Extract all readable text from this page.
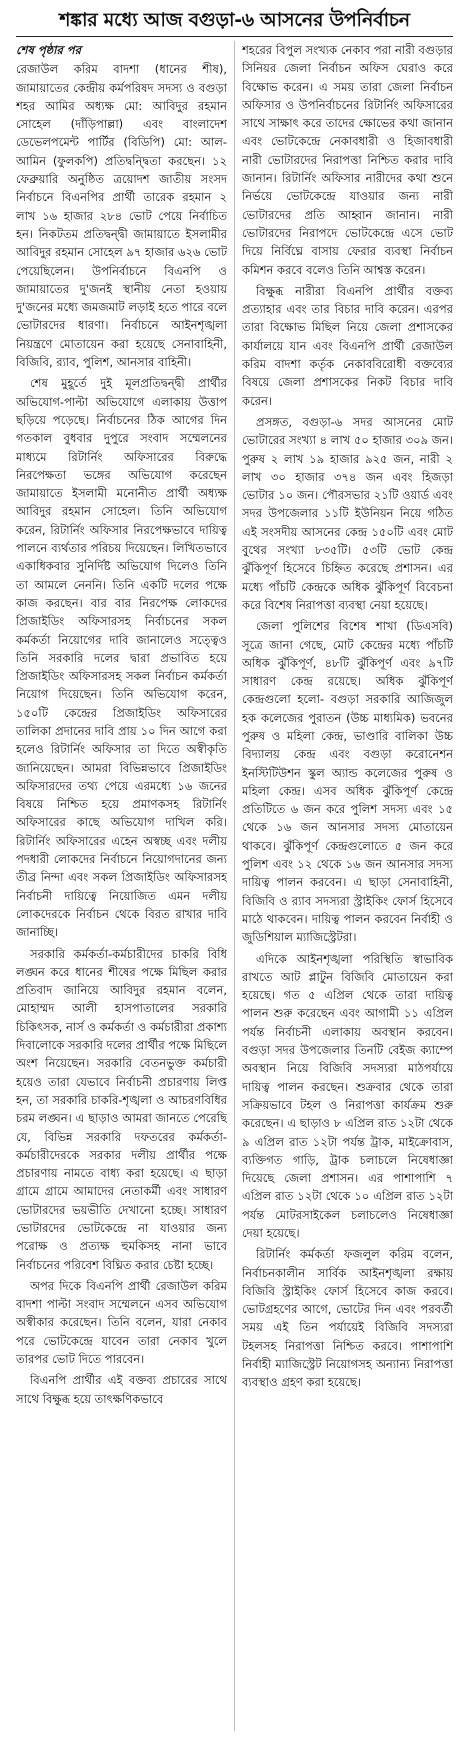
শঙ্কার মধ্যে আজ বগুড়া-৬ আসনের উপনির্বাচন
শেষ পৃষ্ঠার পর

রেজাউল করিম বাদশা (ধানের শীষ), জামায়াতের কেন্দ্রীয় কর্মপরিষদ সদস্য ও বগুড়া শহর আমির অধ্যক্ষ মো: আবিদুর রহমান সোহেল (দাঁড়িপাল্লা) এবং বাংলাদেশ ডেভেলপমেন্ট পার্টির (বিডিপি) মো: আল-আমিন (ফুলকপি) প্রতিদ্বন্দ্বিতা করছেন। ১২ ফেব্রুয়ারি অনুষ্ঠিত ত্রয়োদশ জাতীয় সংসদ নির্বাচনে বিএনপির প্রার্থী তারেক রহমান ২ লাখ ১৬ হাজার ২৮৪ ভোট পেয়ে নির্বাচিত হন। নিকটতম প্রতিদ্বন্দ্বী জামায়াতে ইসলামীর আবিদুর রহমান সোহেল ৯৭ হাজার ৬২৬ ভোট পেয়েছিলেন। উপনির্বাচনে বিএনপি ও জামায়াতের দু'জনই স্থানীয় নেতা হওয়ায় দু'জনের মধ্যে জমজমাট লড়াই হতে পারে বলে ভোটারদের ধারণা। নির্বাচনে আইনশৃঙ্খলা নিয়ন্ত্রণে মোতায়েন করা হয়েছে সেনাবাহিনী, বিজিবি, র‍্যাব, পুলিশ, আনসার বাহিনী।

শেষ মুহূর্তে দুই মূলপ্রতিদ্বন্দ্বী প্রার্থীর অভিযোগ-পাল্টা অভিযোগে এলাকায় উত্তাপ ছড়িয়ে পড়েছে। নির্বাচনের ঠিক আগের দিন গতকাল বুধবার দুপুরে সংবাদ সম্মেলনের মাধ্যমে রিটার্নিং অফিসারের বিরুদ্ধে নিরপেক্ষতা ভঙ্গের অভিযোগ করেছেন জামায়াতে ইসলামী মনোনীত প্রার্থী অধ্যক্ষ আবিদুর রহমান সোহেল। তিনি অভিযোগ করেন, রিটার্নিং অফিসার নিরপেক্ষভাবে দায়িত্ব পালনে ব্যর্থতার পরিচয় দিয়েছেন। লিখিতভাবে একাধিকবার সুনির্দিষ্ট অভিযোগ দিলেও তিনি তা আমলে নেননি। তিনি একটি দলের পক্ষে কাজ করছেন। বার বার নিরপেক্ষ লোকদের প্রিজাইডিং অফিসারসহ নির্বাচনের সকল কর্মকর্তা নিয়োগের দাবি জানালেও সত্ত্বেও তিনি সরকারি দলের দ্বারা প্রভাবিত হয়ে প্রিজাইডিং অফিসারসহ সকল নির্বাচন কর্মকর্তা নিয়োগ দিয়েছেন। তিনি অভিযোগ করেন, ১৫০টি কেন্দ্রের প্রিজাইডিং অফিসারের তালিকা প্রদানের দাবি প্রায় ১০ দিন আগে করা হলেও রিটার্নিং অফিসার তা দিতে অস্বীকৃতি জানিয়েছেন। আমরা বিভিন্নভাবে প্রিজাইডিং অফিসারদের তথ্য পেয়ে এরমধ্যে ১৬ জনের বিষয়ে নিশ্চিত হয়ে প্রমাণকসহ রিটার্নিং অফিসারের কাছে অভিযোগ দাখিল করি। রিটার্নিং অফিসারের এহেন অস্বচ্ছ এবং দলীয় পদধারী লোকদের নির্বাচনে নিয়োগদানের জন্য তীব্র নিন্দা এবং সকল প্রিজাইডিং অফিসারসহ নির্বাচনী দায়িত্বে নিয়োজিত এমন দলীয় লোকদেরকে নির্বাচন থেকে বিরত রাখার দাবি জানাচ্ছি।

সরকারি কর্মকর্তা-কর্মচারীদের চাকরি বিধি লঙ্ঘন করে ধানের শীষের পক্ষে মিছিল করার প্রতিবাদ জানিয়ে আবিদুর রহমান বলেন, মোহাম্মদ আলী হাসপাতালের সরকারি চিকিৎসক, নার্স ও কর্মকর্তা ও কর্মচারীরা প্রকাশ্য দিবালোকে সরকারি দলের প্রার্থীর পক্ষে মিছিলে অংশ নিয়েছেন। সরকারি বেতনভুক্ত কর্মচারী হয়েও তারা যেভাবে নির্বাচনী প্রচারণায় লিপ্ত হন, তা সরকারি চাকরি-শৃঙ্খলা ও আচরণবিধির চরম লঙ্ঘন। এ ছাড়াও আমরা জানতে পেরেছি যে, বিভিন্ন সরকারি দফতরের কর্মকর্তা-কর্মচারীদেরকে সরকার দলীয় প্রার্থীর পক্ষে প্রচারণায় নামতে বাধ্য করা হয়েছে। এ ছাড়া গ্রামে গ্রামে আমাদের নেতাকর্মী এবং সাধারণ ভোটারদের ভয়ভীতি দেখানো হচ্ছে। সাধারণ ভোটারদের ভোটকেন্দ্রে না যাওয়ার জন্য পরোক্ষ ও প্রত্যক্ষ হুমকিসহ নানা ভাবে নির্বাচনের পরিবেশ বিঘ্নিত করার চেষ্টা হচ্ছে।

অপর দিকে বিএনপি প্রার্থী রেজাউল করিম বাদশা পাল্টা সংবাদ সম্মেলনে এসব অভিযোগ অস্বীকার করেছেন। তিনি বলেন, যারা নেকাব পরে ভোটকেন্দ্রে যাবেন তারা নেকাব খুলে তারপর ভোট দিতে পারবেন।

বিএনপি প্রার্থীর এই বক্তব্য প্রচারের সাথে সাথে বিক্ষুব্ধ হয়ে তাৎক্ষণিকভাবে

শহরের বিপুল সংখ্যক নেকাব পরা নারী বগুড়ার সিনিয়র জেলা নির্বাচন অফিস ঘেরাও করে বিক্ষোভ করেন। এ সময় তারা জেলা নির্বাচন অফিসার ও উপনির্বাচনের রিটার্নিং অফিসারের সাথে সাক্ষাৎ করে তাদের ক্ষোভের কথা জানান এবং ভোটকেন্দ্রে নেকাবধারী ও হিজাবধারী নারী ভোটারদের নিরাপত্তা নিশ্চিত করার দাবি জানান। রিটার্নিং অফিসার নারীদের কথা শুনে নির্ভয়ে ভোটকেন্দ্রে যাওয়ার জন্য নারী ভোটারদের প্রতি আহ্বান জানান। নারী ভোটারদের নিরাপদে ভোটকেন্দ্রে এসে ভোট দিয়ে নির্বিঘ্নে বাসায় ফেরার ব্যবস্থা নির্বাচন কমিশন করবে বলেও তিনি আশ্বস্ত করেন।

বিক্ষুব্ধ নারীরা বিএনপি প্রার্থীর বক্তব্য প্রত্যাহার এবং তার বিচার দাবি করেন। এরপর তারা বিক্ষোভ মিছিল নিয়ে জেলা প্রশাসকের কার্যালয়ে যান এবং বিএনপি প্রার্থী রেজাউল করিম বাদশা কর্তৃক নেকাববিরোধী বক্তব্যের বিষয়ে জেলা প্রশাসকের নিকট বিচার দাবি করেন।

প্রসঙ্গত, বগুড়া-৬ সদর আসনের মোট ভোটারের সংখ্যা ৪ লাখ ৫০ হাজার ৩০৯ জন। পুরুষ ২ লাখ ১৯ হাজার ৯২৫ জন, নারী ২ লাখ ৩০ হাজার ৩৭৪ জন এবং হিজড়া ভোটার ১০ জন। পৌরসভার ২১টি ওয়ার্ড এবং সদর উপজেলার ১১টি ইউনিয়ন নিয়ে গঠিত এই সংসদীয় আসনের কেন্দ্র ১৫০টি এবং মোট বুথের সংখ্যা ৮৩৫টি। ৫৩টি ভোট কেন্দ্র ঝুঁকিপূর্ণ হিসেবে চিহ্নিত করেছে প্রশাসন। এর মধ্যে পাঁচটি কেন্দ্রকে অধিক ঝুঁকিপূর্ণ বিবেচনা করে বিশেষ নিরাপত্তা ব্যবস্থা নেয়া হয়েছে।

জেলা পুলিশের বিশেষ শাখা (ডিএসবি) সূত্রে জানা গেছে, মোট কেন্দ্রের মধ্যে পাঁচটি অধিক ঝুঁকিপূর্ণ, ৪৮টি ঝুঁকিপূর্ণ এবং ৯৭টি সাধারণ কেন্দ্র রয়েছে। অধিক ঝুঁকিপূর্ণ কেন্দ্রগুলো হলো- বগুড়া সরকারি আজিজুল হক কলেজের পুরাতন (উচ্চ মাধ্যমিক) ভবনের পুরুষ ও মহিলা কেন্দ্র, ভাণ্ডারি বালিকা উচ্চ বিদ্যালয় কেন্দ্র এবং বগুড়া করোনেশন ইনস্টিটিউশন স্কুল অ্যান্ড কলেজের পুরুষ ও মহিলা কেন্দ্র। এসব অধিক ঝুঁকিপূর্ণ কেন্দ্রে প্রতিটিতে ৬ জন করে পুলিশ সদস্য এবং ১৫ থেকে ১৬ জন আনসার সদস্য মোতায়েন থাকবে। ঝুঁকিপূর্ণ কেন্দ্রগুলোতে ৫ জন করে পুলিশ এবং ১২ থেকে ১৬ জন আনসার সদস্য দায়িত্ব পালন করবেন। এ ছাড়া সেনাবাহিনী, বিজিবি ও র‍্যাব সদস্যরা স্ট্রাইকিং ফোর্স হিসেবে মাঠে থাকবেন। দায়িত্ব পালন করবেন নির্বাহী ও জুডিশিয়াল ম্যাজিস্ট্রেটরা।

এদিকে আইনশৃঙ্খলা পরিস্থিতি স্বাভাবিক রাখতে আট প্লাটুন বিজিবি মোতায়েন করা হয়েছে। গত ৫ এপ্রিল থেকে তারা দায়িত্ব পালন শুরু করেছেন এবং আগামী ১১ এপ্রিল পর্যন্ত নির্বাচনী এলাকায় অবস্থান করবেন। বগুড়া সদর উপজেলার তিনটি বেইজ ক্যাম্পে অবস্থান নিয়ে বিজিবি সদস্যরা মাঠপর্যায়ে দায়িত্ব পালন করছেন। শুক্রবার থেকে তারা সক্রিয়ভাবে টহল ও নিরাপত্তা কার্যক্রম শুরু করেছেন। এ ছাড়াও ৮ এপ্রিল রাত ১২টা থেকে ৯ এপ্রিল রাত ১২টা পর্যন্ত ট্রাক, মাইক্রোবাস, ব্যক্তিগত গাড়ি, ট্রাক চলাচলে নিষেধাজ্ঞা দিয়েছে জেলা প্রশাসন। এর পাশাপাশি ৭ এপ্রিল রাত ১২টা থেকে ১০ এপ্রিল রাত ১২টা পর্যন্ত মোটরসাইকেল চলাচলেও নিষেধাজ্ঞা দেয়া হয়েছে।

রিটার্নিং কর্মকর্তা ফজলুল করিম বলেন, নির্বাচনকালীন সার্বিক আইনশৃঙ্খলা রক্ষায় বিজিবি স্ট্রাইকিং ফোর্স হিসেবে কাজ করবে। ভোটগ্রহণের আগে, ভোটের দিন এবং পরবর্তী সময় এই তিন পর্যায়েই বিজিবি সদস্যরা টহলসহ নিরাপত্তা নিশ্চিত করবে। পাশাপাশি নির্বাহী ম্যাজিস্ট্রেট নিয়োগসহ অন্যান্য নিরাপত্তা ব্যবস্থাও গ্রহণ করা হয়েছে।
